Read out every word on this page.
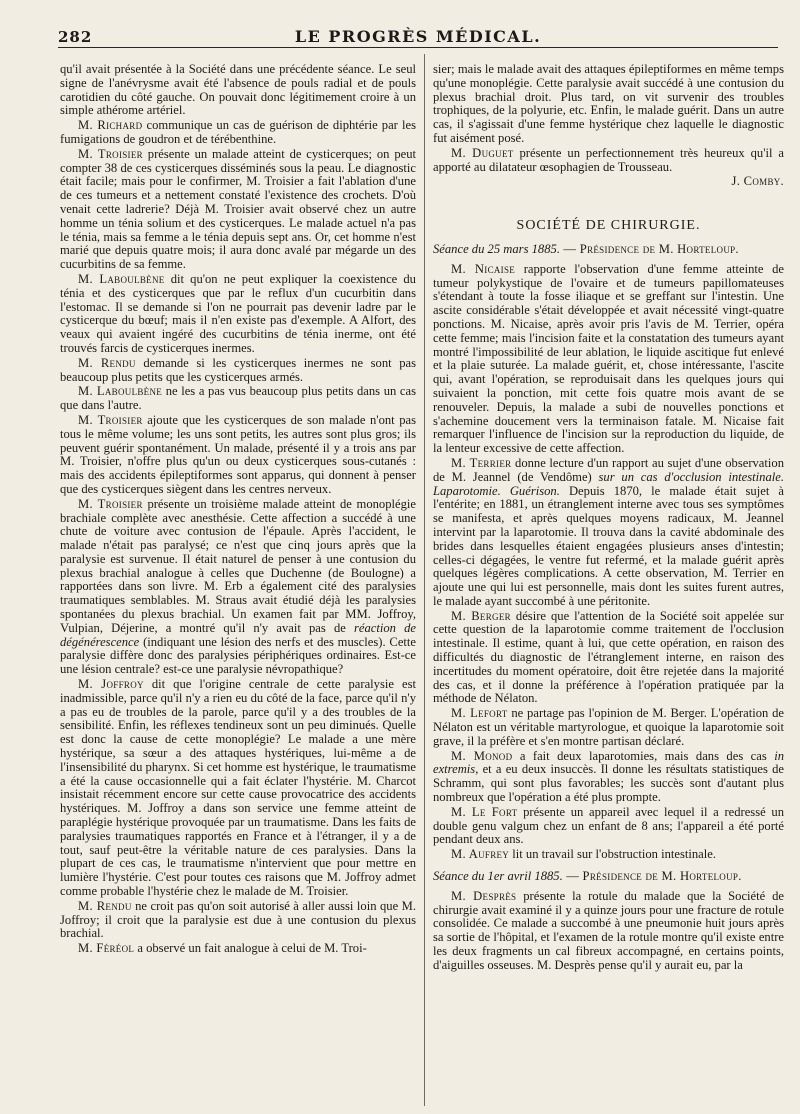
282	LE PROGRÈS MÉDICAL.

qu'il avait présentée à la Société dans une précédente séance. Le seul signe de l'anévrysme avait été l'absence de pouls radial et de pouls carotidien du côté gauche. On pouvait donc légitimement croire à un simple athérome artériel.

M. Richard communique un cas de guérison de diphtérie par les fumigations de goudron et de térébenthine.

M. Troisier présente un malade atteint de cysticerques; on peut compter 38 de ces cysticerques disséminés sous la peau. Le diagnostic était facile; mais pour le confirmer, M. Troisier a fait l'ablation d'une de ces tumeurs et a nettement constaté l'existence des crochets. D'où venait cette ladrerie? Déjà M. Troisier avait observé chez un autre homme un ténia solium et des cysticerques. Le malade actuel n'a pas le ténia, mais sa femme a le ténia depuis sept ans. Or, cet homme n'est marié que depuis quatre mois; il aura donc avalé par mégarde un des cucurbitins de sa femme.

M. Laboulbène dit qu'on ne peut expliquer la coexistence du ténia et des cysticerques que par le reflux d'un cucurbitin dans l'estomac. Il se demande si l'on ne pourrait pas devenir ladre par le cysticerque du bœuf; mais il n'en existe pas d'exemple. A Alfort, des veaux qui avaient ingéré des cucurbitins de ténia inerme, ont été trouvés farcis de cysticerques inermes.

M. Rendu demande si les cysticerques inermes ne sont pas beaucoup plus petits que les cysticerques armés.

M. Laboulbène ne les a pas vus beaucoup plus petits dans un cas que dans l'autre.

M. Troisier ajoute que les cysticerques de son malade n'ont pas tous le même volume; les uns sont petits, les autres sont plus gros; ils peuvent guérir spontanément. Un malade, présenté il y a trois ans par M. Troisier, n'offre plus qu'un ou deux cysticerques sous-cutanés : mais des accidents épileptiformes sont apparus, qui donnent à penser que des cysticerques siègent dans les centres nerveux.

M. Troisier présente un troisième malade atteint de monoplégie brachiale complète avec anesthésie. Cette affection a succédé à une chute de voiture avec contusion de l'épaule. Après l'accident, le malade n'était pas paralysé; ce n'est que cinq jours après que la paralysie est survenue. Il était naturel de penser à une contusion du plexus brachial analogue à celles que Duchenne (de Boulogne) a rapportées dans son livre. M. Erb a également cité des paralysies traumatiques semblables. M. Straus avait étudié déjà les paralysies spontanées du plexus brachial. Un examen fait par MM. Joffroy, Vulpian, Déjerine, a montré qu'il n'y avait pas de réaction de dégénérescence (indiquant une lésion des nerfs et des muscles). Cette paralysie diffère donc des paralysies périphériques ordinaires. Est-ce une lésion centrale? est-ce une paralysie névropathique?

M. Joffroy dit que l'origine centrale de cette paralysie est inadmissible, parce qu'il n'y a rien eu du côté de la face, parce qu'il n'y a pas eu de troubles de la parole, parce qu'il y a des troubles de la sensibilité. Enfin, les réflexes tendineux sont un peu diminués. Quelle est donc la cause de cette monoplégie? Le malade a une mère hystérique, sa sœur a des attaques hystériques, lui-même a de l'insensibilité du pharynx. Si cet homme est hystérique, le traumatisme a été la cause occasionnelle qui a fait éclater l'hystérie. M. Charcot insistait récemment encore sur cette cause provocatrice des accidents hystériques. M. Joffroy a dans son service une femme atteint de paraplégie hystérique provoquée par un traumatisme. Dans les faits de paralysies traumatiques rapportés en France et à l'étranger, il y a de tout, sauf peut-être la véritable nature de ces paralysies. Dans la plupart de ces cas, le traumatisme n'intervient que pour mettre en lumière l'hystérie. C'est pour toutes ces raisons que M. Joffroy admet comme probable l'hystérie chez le malade de M. Troisier.

M. Rendu ne croit pas qu'on soit autorisé à aller aussi loin que M. Joffroy; il croit que la paralysie est due à une contusion du plexus brachial.

M. Féréol a observé un fait analogue à celui de M. Troi-

sier; mais le malade avait des attaques épileptiformes en même temps qu'une monoplégie. Cette paralysie avait succédé à une contusion du plexus brachial droit. Plus tard, on vit survenir des troubles trophiques, de la polyurie, etc. Enfin, le malade guérit. Dans un autre cas, il s'agissait d'une femme hystérique chez laquelle le diagnostic fut aisément posé.

M. Duguet présente un perfectionnement très heureux qu'il a apporté au dilatateur œsophagien de Trousseau.

J. Comby.

SOCIÉTÉ DE CHIRURGIE.

Séance du 25 mars 1885. — Présidence de M. Horteloup.

M. Nicaise rapporte l'observation d'une femme atteinte de tumeur polykystique de l'ovaire et de tumeurs papillomateuses s'étendant à toute la fosse iliaque et se greffant sur l'intestin. Une ascite considérable s'était développée et avait nécessité vingt-quatre ponctions. M. Nicaise, après avoir pris l'avis de M. Terrier, opéra cette femme; mais l'incision faite et la constatation des tumeurs ayant montré l'impossibilité de leur ablation, le liquide ascitique fut enlevé et la plaie suturée. La malade guérit, et, chose intéressante, l'ascite qui, avant l'opération, se reproduisait dans les quelques jours qui suivaient la ponction, mit cette fois quatre mois avant de se renouveler. Depuis, la malade a subi de nouvelles ponctions et s'achemine doucement vers la terminaison fatale. M. Nicaise fait remarquer l'influence de l'incision sur la reproduction du liquide, de la lenteur excessive de cette affection.

M. Terrier donne lecture d'un rapport au sujet d'une observation de M. Jeannel (de Vendôme) sur un cas d'occlusion intestinale. Laparotomie. Guérison. Depuis 1870, le malade était sujet à l'entérite; en 1881, un étranglement interne avec tous ses symptômes se manifesta, et après quelques moyens radicaux, M. Jeannel intervint par la laparotomie. Il trouva dans la cavité abdominale des brides dans lesquelles étaient engagées plusieurs anses d'intestin; celles-ci dégagées, le ventre fut refermé, et la malade guérit après quelques légères complications. A cette observation, M. Terrier en ajoute une qui lui est personnelle, mais dont les suites furent autres, le malade ayant succombé à une péritonite.

M. Berger désire que l'attention de la Société soit appelée sur cette question de la laparotomie comme traitement de l'occlusion intestinale. Il estime, quant à lui, que cette opération, en raison des difficultés du diagnostic de l'étranglement interne, en raison des incertitudes du moment opératoire, doit être rejetée dans la majorité des cas, et il donne la préférence à l'opération pratiquée par la méthode de Nélaton.

M. Lefort ne partage pas l'opinion de M. Berger. L'opération de Nélaton est un véritable martyrologue, et quoique la laparotomie soit grave, il la préfère et s'en montre partisan déclaré.

M. Monod a fait deux laparotomies, mais dans des cas in extremis, et a eu deux insuccès. Il donne les résultats statistiques de Schramm, qui sont plus favorables; les succès sont d'autant plus nombreux que l'opération a été plus prompte.

M. Le Fort présente un appareil avec lequel il a redressé un double genu valgum chez un enfant de 8 ans; l'appareil a été porté pendant deux ans.

M. Aufrey lit un travail sur l'obstruction intestinale.

Séance du 1er avril 1885. — Présidence de M. Horteloup.

M. Desprès présente la rotule du malade que la Société de chirurgie avait examiné il y a quinze jours pour une fracture de rotule consolidée. Ce malade a succombé à une pneumonie huit jours après sa sortie de l'hôpital, et l'examen de la rotule montre qu'il existe entre les deux fragments un cal fibreux accompagné, en certains points, d'aiguilles osseuses. M. Desprès pense qu'il y aurait eu, par la
